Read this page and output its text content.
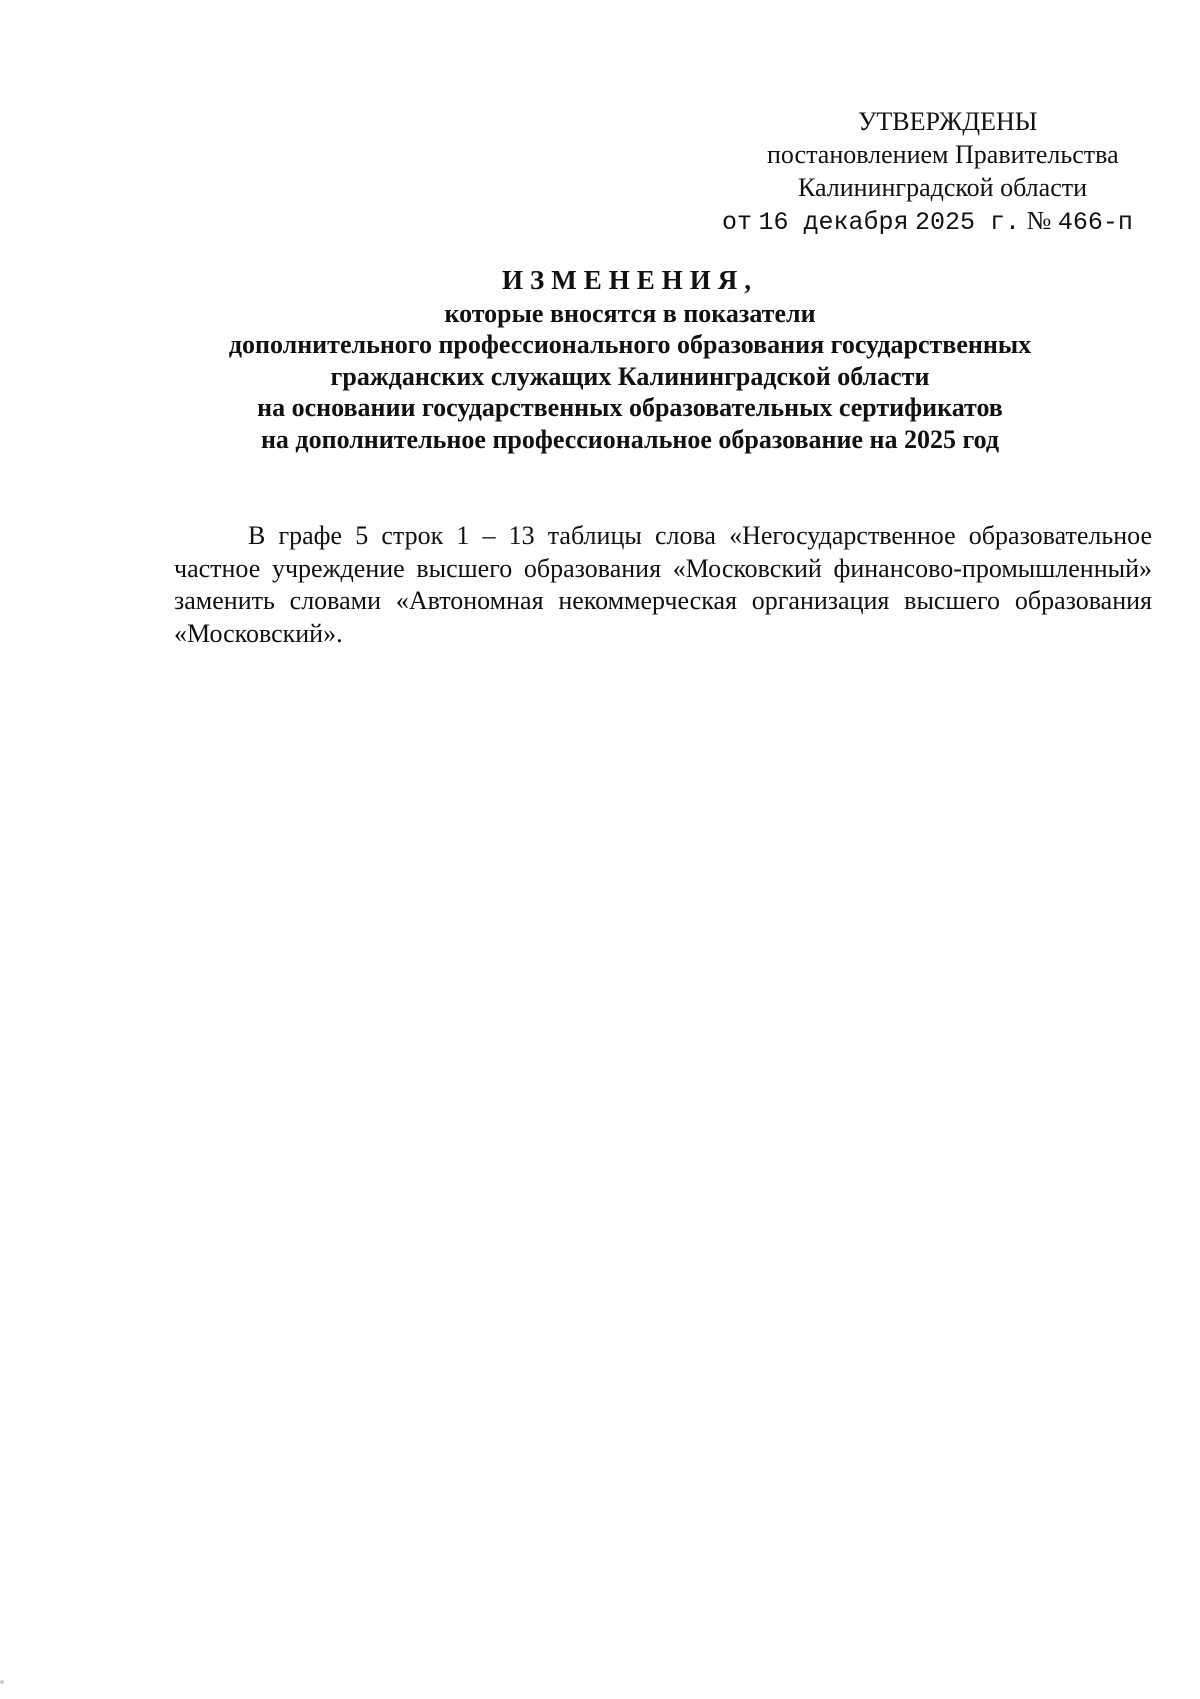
УТВЕРЖДЕНЫ
постановлением Правительства
Калининградской области
от 16 декабря 2025 г. № 466-п
ИЗМЕНЕНИЯ,
которые вносятся в показатели
дополнительного профессионального образования государственных
гражданских служащих Калининградской области
на основании государственных образовательных сертификатов
на дополнительное профессиональное образование на 2025 год

В графе 5 строк 1 – 13 таблицы слова «Негосударственное образовательное частное учреждение высшего образования «Московский финансово-промышленный» заменить словами «Автономная некоммерческая организация высшего образования «Московский».
